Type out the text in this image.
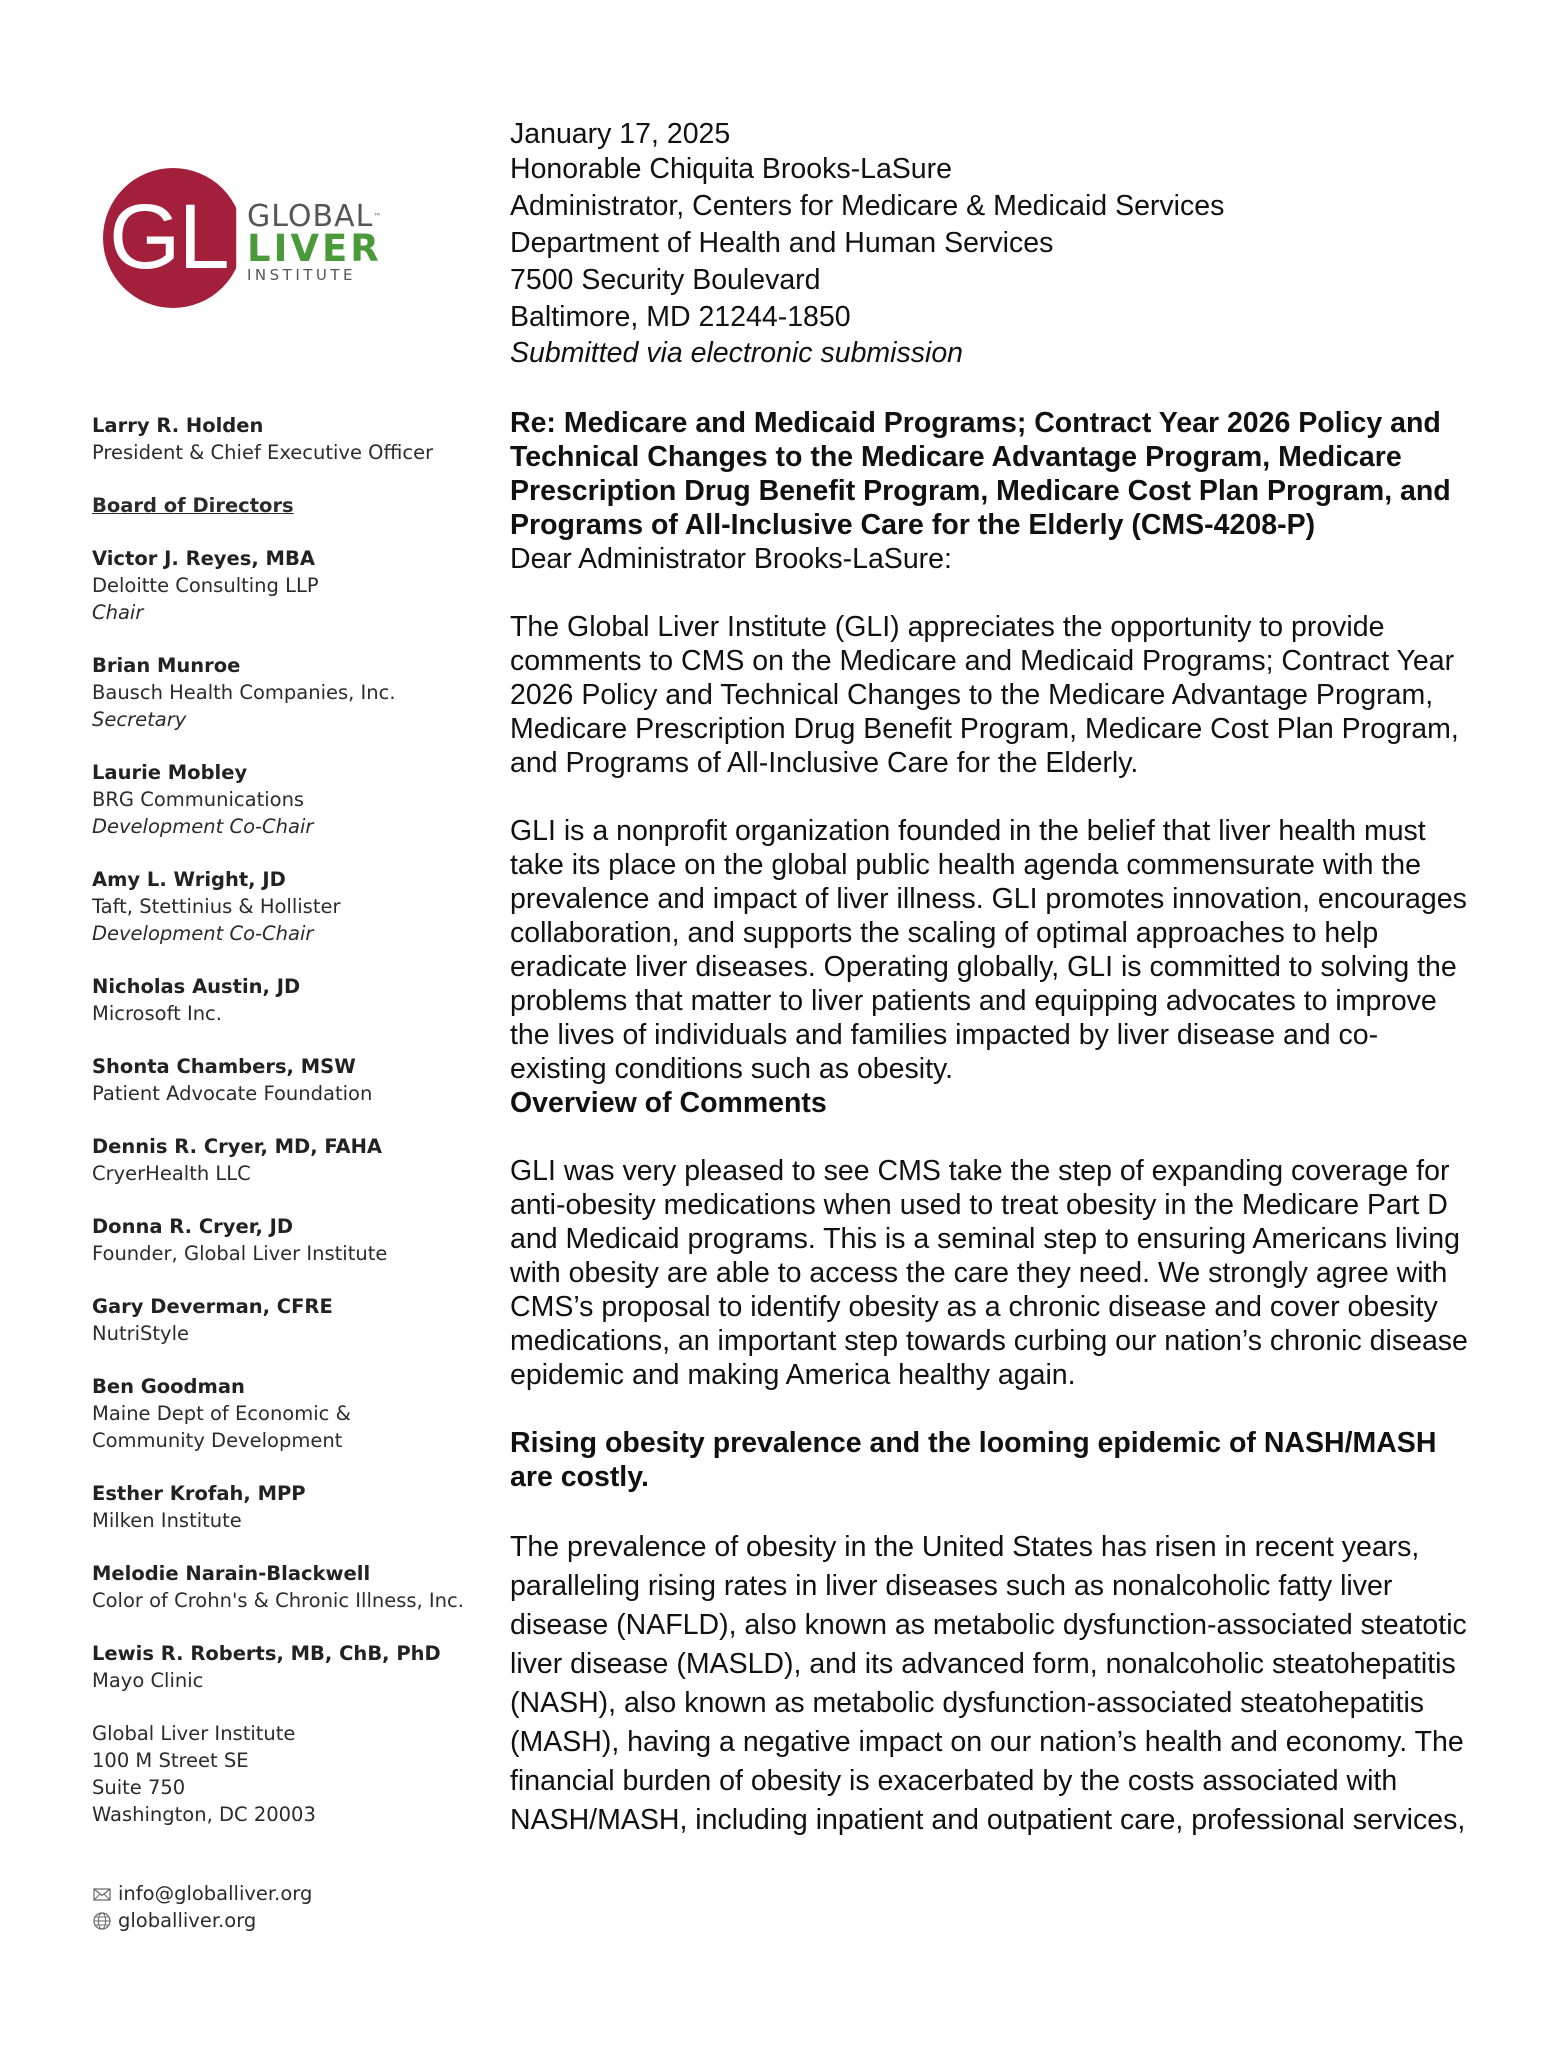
GLI
GLOBAL™
LIVER
INSTITUTE
Larry R. Holden
President & Chief Executive Officer
Board of Directors
Victor J. Reyes, MBA
Deloitte Consulting LLP
Chair
Brian Munroe
Bausch Health Companies, Inc.
Secretary
Laurie Mobley
BRG Communications
Development Co-Chair
Amy L. Wright, JD
Taft, Stettinius & Hollister
Development Co-Chair
Nicholas Austin, JD
Microsoft Inc.
Shonta Chambers, MSW
Patient Advocate Foundation
Dennis R. Cryer, MD, FAHA
CryerHealth LLC
Donna R. Cryer, JD
Founder, Global Liver Institute
Gary Deverman, CFRE
NutriStyle
Ben Goodman
Maine Dept of Economic &
Community Development
Esther Krofah, MPP
Milken Institute
Melodie Narain-Blackwell
Color of Crohn's & Chronic Illness, Inc.
Lewis R. Roberts, MB, ChB, PhD
Mayo Clinic
Global Liver Institute
100 M Street SE
Suite 750
Washington, DC 20003
info@globalliver.org
globalliver.org

January 17, 2025

Honorable Chiquita Brooks-LaSure
Administrator, Centers for Medicare & Medicaid Services
Department of Health and Human Services
7500 Security Boulevard
Baltimore, MD 21244-1850

Submitted via electronic submission

Re: Medicare and Medicaid Programs; Contract Year 2026 Policy and
Technical Changes to the Medicare Advantage Program, Medicare
Prescription Drug Benefit Program, Medicare Cost Plan Program, and
Programs of All-Inclusive Care for the Elderly (CMS-4208-P)

Dear Administrator Brooks-LaSure:

The Global Liver Institute (GLI) appreciates the opportunity to provide
comments to CMS on the Medicare and Medicaid Programs; Contract Year
2026 Policy and Technical Changes to the Medicare Advantage Program,
Medicare Prescription Drug Benefit Program, Medicare Cost Plan Program,
and Programs of All-Inclusive Care for the Elderly.
GLI is a nonprofit organization founded in the belief that liver health must
take its place on the global public health agenda commensurate with the
prevalence and impact of liver illness. GLI promotes innovation, encourages
collaboration, and supports the scaling of optimal approaches to help
eradicate liver diseases. Operating globally, GLI is committed to solving the
problems that matter to liver patients and equipping advocates to improve
the lives of individuals and families impacted by liver disease and co-
existing conditions such as obesity.

Overview of Comments

GLI was very pleased to see CMS take the step of expanding coverage for
anti-obesity medications when used to treat obesity in the Medicare Part D
and Medicaid programs. This is a seminal step to ensuring Americans living
with obesity are able to access the care they need. We strongly agree with
CMS’s proposal to identify obesity as a chronic disease and cover obesity
medications, an important step towards curbing our nation’s chronic disease
epidemic and making America healthy again.
Rising obesity prevalence and the looming epidemic of NASH/MASH
are costly.
The prevalence of obesity in the United States has risen in recent years,
paralleling rising rates in liver diseases such as nonalcoholic fatty liver
disease (NAFLD), also known as metabolic dysfunction-associated steatotic
liver disease (MASLD), and its advanced form, nonalcoholic steatohepatitis
(NASH), also known as metabolic dysfunction-associated steatohepatitis
(MASH), having a negative impact on our nation’s health and economy. The
financial burden of obesity is exacerbated by the costs associated with
NASH/MASH, including inpatient and outpatient care, professional services,
